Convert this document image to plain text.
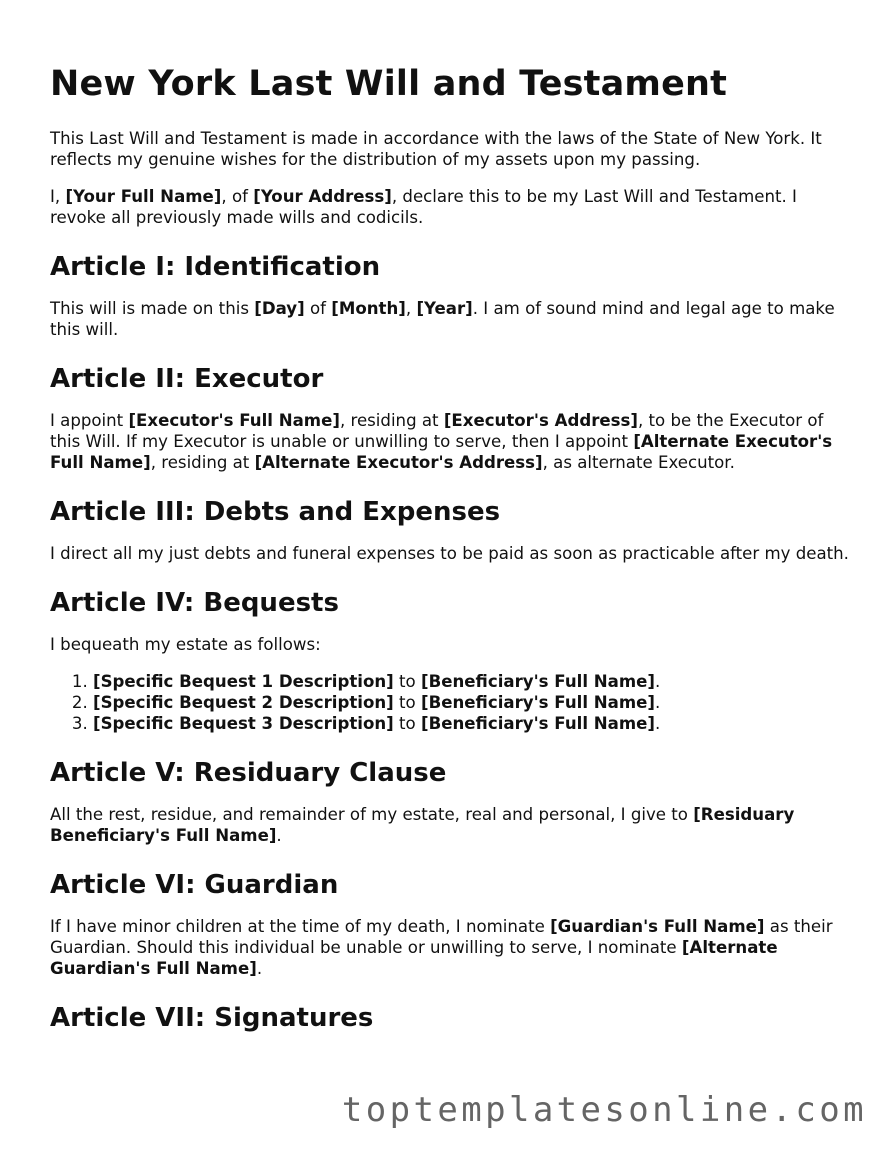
New York Last Will and Testament

This Last Will and Testament is made in accordance with the laws of the State of New York. It reflects my genuine wishes for the distribution of my assets upon my passing.

I, [Your Full Name], of [Your Address], declare this to be my Last Will and Testament. I revoke all previously made wills and codicils.

Article I: Identification

This will is made on this [Day] of [Month], [Year]. I am of sound mind and legal age to make this will.

Article II: Executor

I appoint [Executor's Full Name], residing at [Executor's Address], to be the Executor of this Will. If my Executor is unable or unwilling to serve, then I appoint [Alternate Executor's Full Name], residing at [Alternate Executor's Address], as alternate Executor.

Article III: Debts and Expenses

I direct all my just debts and funeral expenses to be paid as soon as practicable after my death.

Article IV: Bequests

I bequeath my estate as follows:

1. [Specific Bequest 1 Description] to [Beneficiary's Full Name].
2. [Specific Bequest 2 Description] to [Beneficiary's Full Name].
3. [Specific Bequest 3 Description] to [Beneficiary's Full Name].
Article V: Residuary Clause

All the rest, residue, and remainder of my estate, real and personal, I give to [Residuary Beneficiary's Full Name].

Article VI: Guardian

If I have minor children at the time of my death, I nominate [Guardian's Full Name] as their Guardian. Should this individual be unable or unwilling to serve, I nominate [Alternate Guardian's Full Name].

Article VII: Signatures
toptemplatesonline.com
